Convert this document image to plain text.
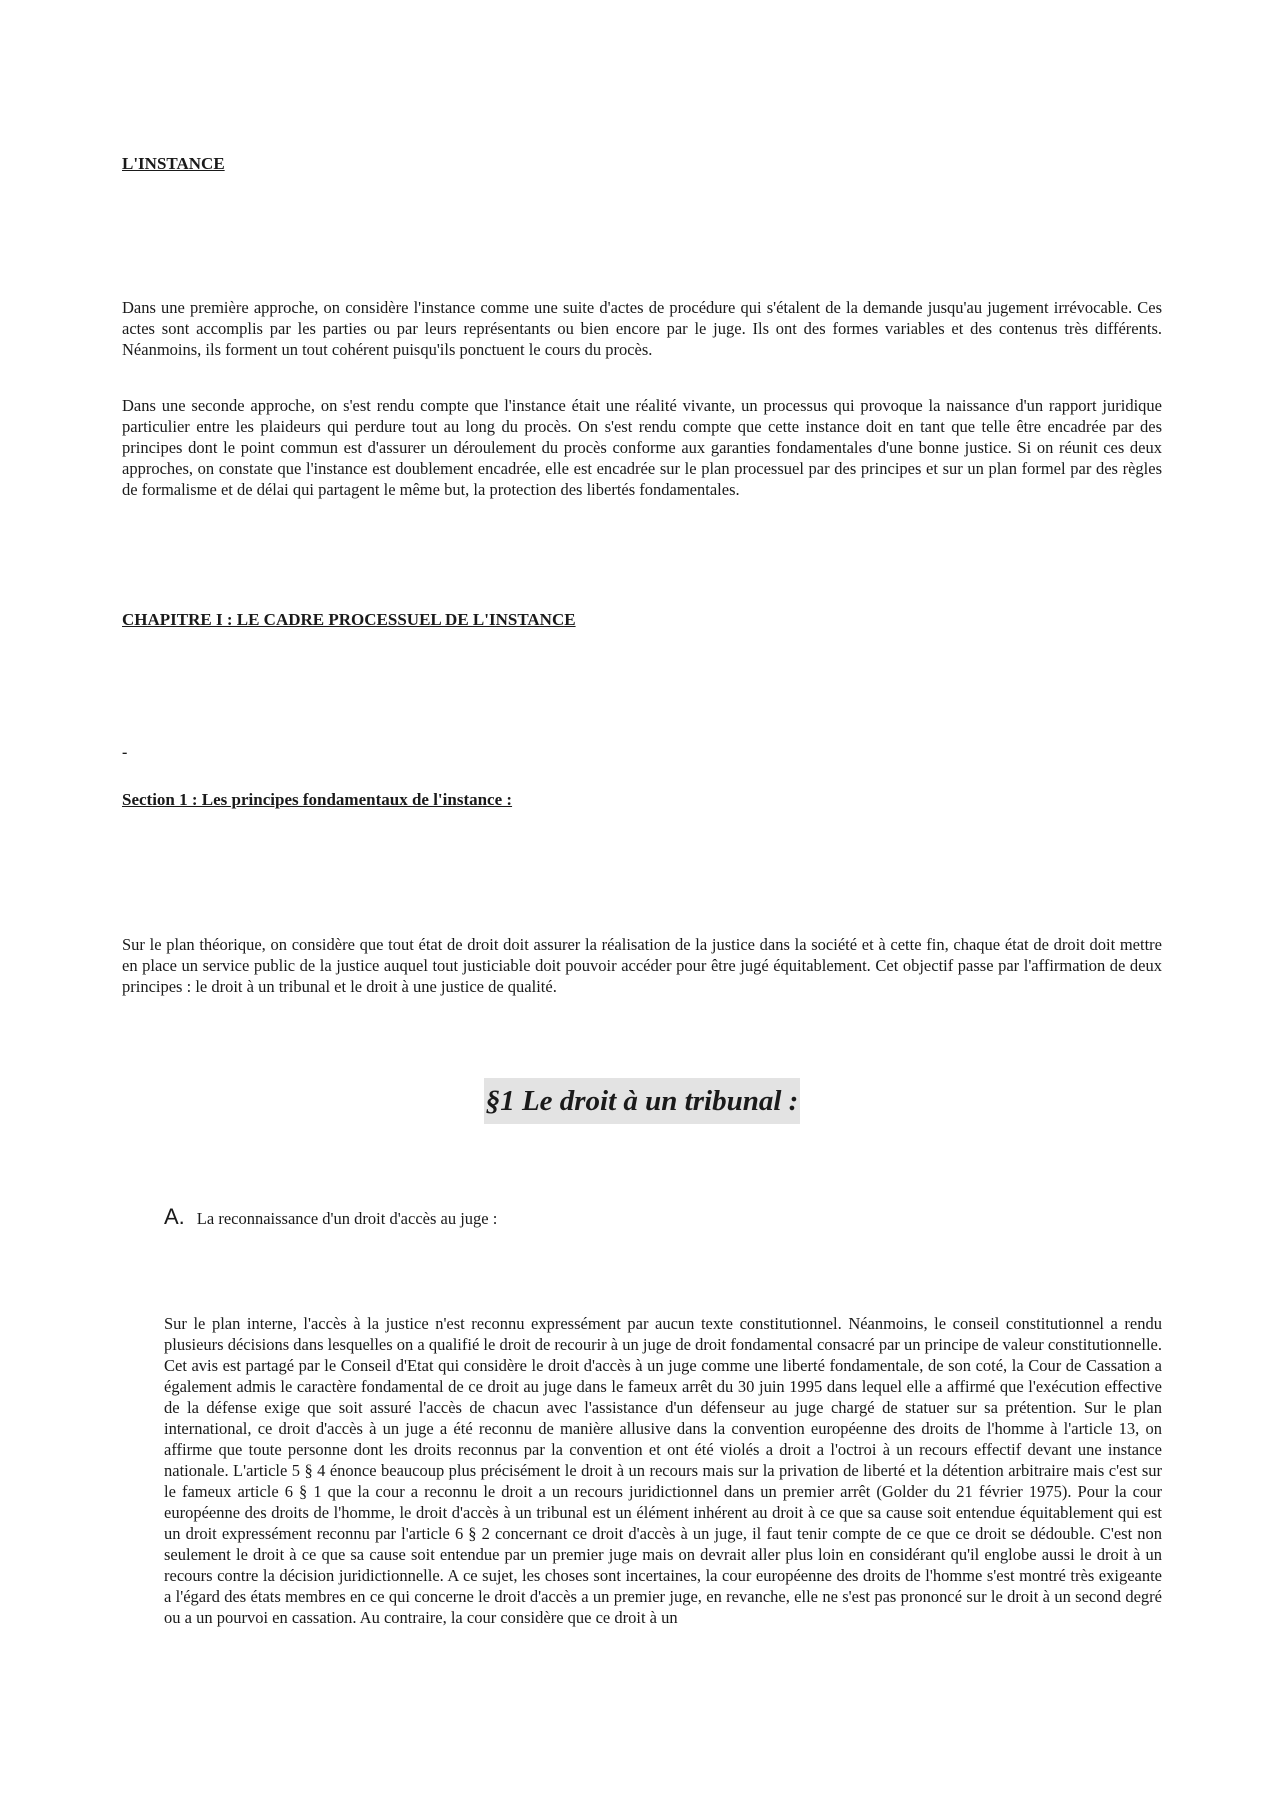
L'INSTANCE

Dans une première approche, on considère l'instance comme une suite d'actes de procédure qui s'étalent de la demande jusqu'au jugement irrévocable. Ces actes sont accomplis par les parties ou par leurs représentants ou bien encore par le juge. Ils ont des formes variables et des contenus très différents. Néanmoins, ils forment un tout cohérent puisqu'ils ponctuent le cours du procès.

Dans une seconde approche, on s'est rendu compte que l'instance était une réalité vivante, un processus qui provoque la naissance d'un rapport juridique particulier entre les plaideurs qui perdure tout au long du procès. On s'est rendu compte que cette instance doit en tant que telle être encadrée par des principes dont le point commun est d'assurer un déroulement du procès conforme aux garanties fondamentales d'une bonne justice. Si on réunit ces deux approches, on constate que l'instance est doublement encadrée, elle est encadrée sur le plan processuel par des principes et sur un plan formel par des règles de formalisme et de délai qui partagent le même but, la protection des libertés fondamentales.

CHAPITRE I : LE CADRE PROCESSUEL DE L'INSTANCE

-

Section 1 : Les principes fondamentaux de l'instance :

Sur le plan théorique, on considère que tout état de droit doit assurer la réalisation de la justice dans la société et à cette fin, chaque état de droit doit mettre en place un service public de la justice auquel tout justiciable doit pouvoir accéder pour être jugé équitablement. Cet objectif passe par l'affirmation de deux principes : le droit à un tribunal et le droit à une justice de qualité.

§1 Le droit à un tribunal :

A. La reconnaissance d'un droit d'accès au juge :

Sur le plan interne, l'accès à la justice n'est reconnu expressément par aucun texte constitutionnel. Néanmoins, le conseil constitutionnel a rendu plusieurs décisions dans lesquelles on a qualifié le droit de recourir à un juge de droit fondamental consacré par un principe de valeur constitutionnelle. Cet avis est partagé par le Conseil d'Etat qui considère le droit d'accès à un juge comme une liberté fondamentale, de son coté, la Cour de Cassation a également admis le caractère fondamental de ce droit au juge dans le fameux arrêt du 30 juin 1995 dans lequel elle a affirmé que l'exécution effective de la défense exige que soit assuré l'accès de chacun avec l'assistance d'un défenseur au juge chargé de statuer sur sa prétention. Sur le plan international, ce droit d'accès à un juge a été reconnu de manière allusive dans la convention européenne des droits de l'homme à l'article 13, on affirme que toute personne dont les droits reconnus par la convention et ont été violés a droit a l'octroi à un recours effectif devant une instance nationale. L'article 5 § 4 énonce beaucoup plus précisément le droit à un recours mais sur la privation de liberté et la détention arbitraire mais c'est sur le fameux article 6 § 1 que la cour a reconnu le droit a un recours juridictionnel dans un premier arrêt (Golder du 21 février 1975). Pour la cour européenne des droits de l'homme, le droit d'accès à un tribunal est un élément inhérent au droit à ce que sa cause soit entendue équitablement qui est un droit expressément reconnu par l'article 6 § 2 concernant ce droit d'accès à un juge, il faut tenir compte de ce que ce droit se dédouble. C'est non seulement le droit à ce que sa cause soit entendue par un premier juge mais on devrait aller plus loin en considérant qu'il englobe aussi le droit à un recours contre la décision juridictionnelle. A ce sujet, les choses sont incertaines, la cour européenne des droits de l'homme s'est montré très exigeante a l'égard des états membres en ce qui concerne le droit d'accès a un premier juge, en revanche, elle ne s'est pas prononcé sur le droit à un second degré ou a un pourvoi en cassation. Au contraire, la cour considère que ce droit à un
